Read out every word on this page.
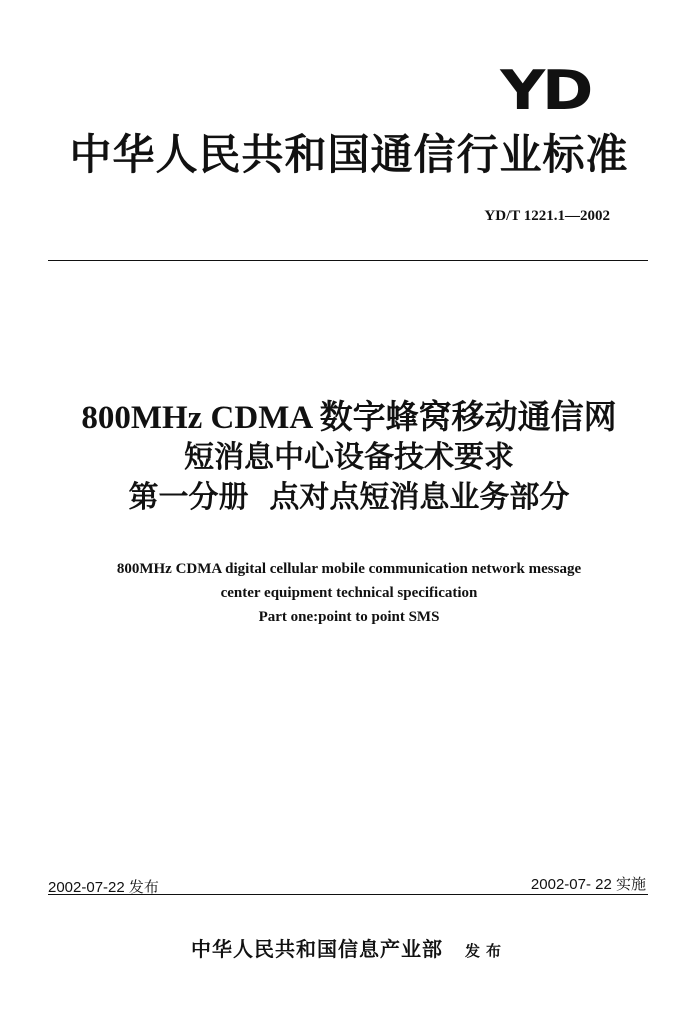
YD
中华人民共和国通信行业标准
YD/T 1221.1—2002
800MHz CDMA 数字蜂窝移动通信网
短消息中心设备技术要求
第一分册  点对点短消息业务部分
800MHz CDMA digital cellular mobile communication network message
center equipment technical specification
Part one:point to point SMS
2002-07-22 发布	2002-07- 22 实施
中华人民共和国信息产业部 发布
